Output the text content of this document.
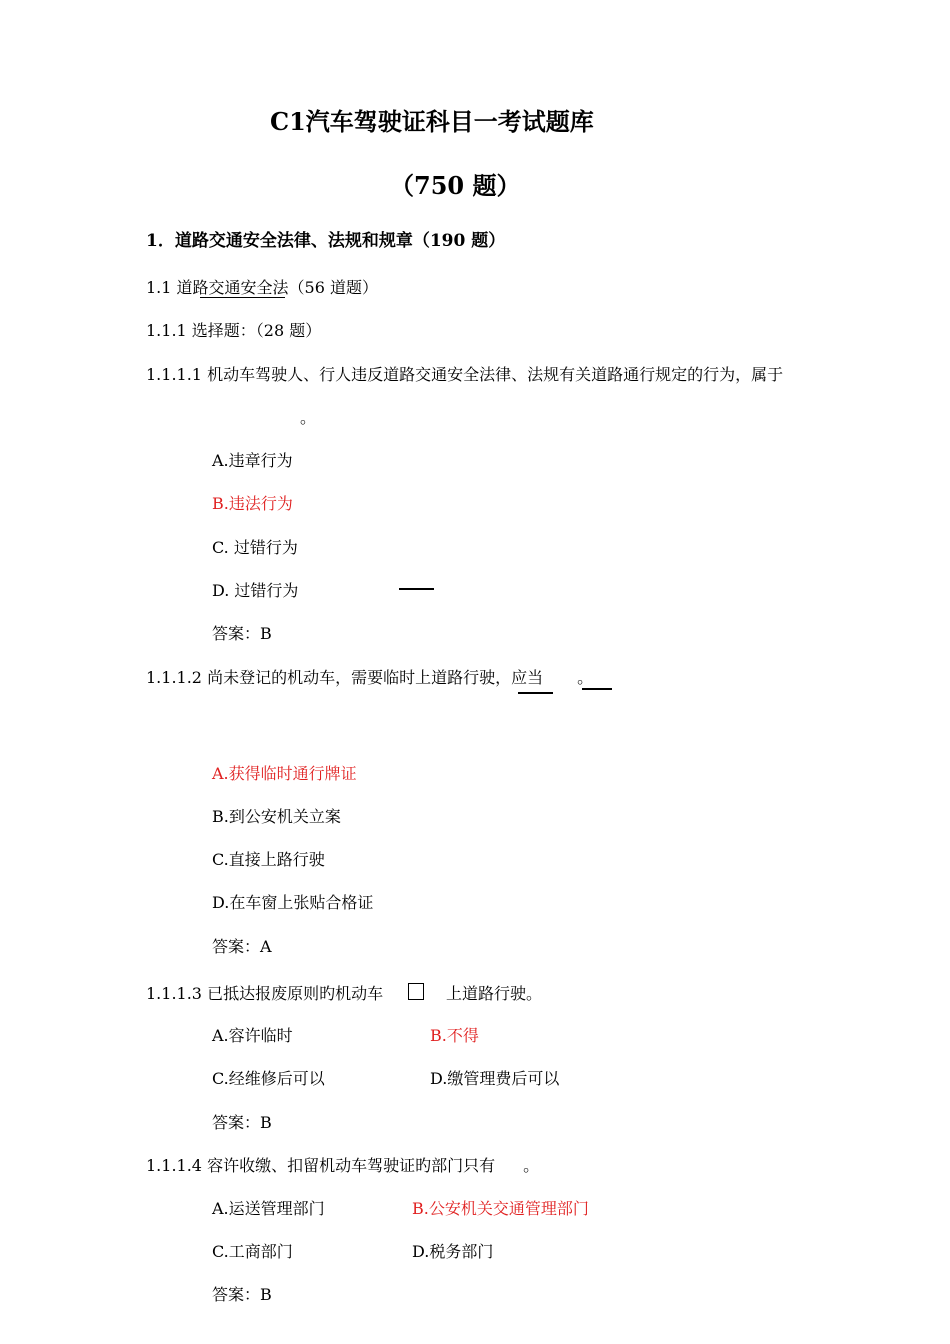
C1汽车驾驶证科目一考试题库
（750 题）
1．道路交通安全法律、法规和规章（190 题）
1.1 道路交通安全法（56 道题）
1.1.1 选择题：（28 题）
1.1.1.1 机动车驾驶人、行人违反道路交通安全法律、法规有关道路通行规定的行为，属于
。
A.违章行为
B.违法行为
C. 过错行为
D. 过错行为
答案：B
1.1.1.2 尚未登记的机动车，需要临时上道路行驶，应当 。
A.获得临时通行牌证
B.到公安机关立案
C.直接上路行驶
D.在车窗上张贴合格证
答案：A
1.1.1.3 已抵达报废原则旳机动车	上道路行驶。
A.容许临时	B.不得
C.经维修后可以	D.缴管理费后可以
答案：B
1.1.1.4 容许收缴、扣留机动车驾驶证旳部门只有 。
A.运送管理部门	B.公安机关交通管理部门
C.工商部门	D.税务部门
答案：B
